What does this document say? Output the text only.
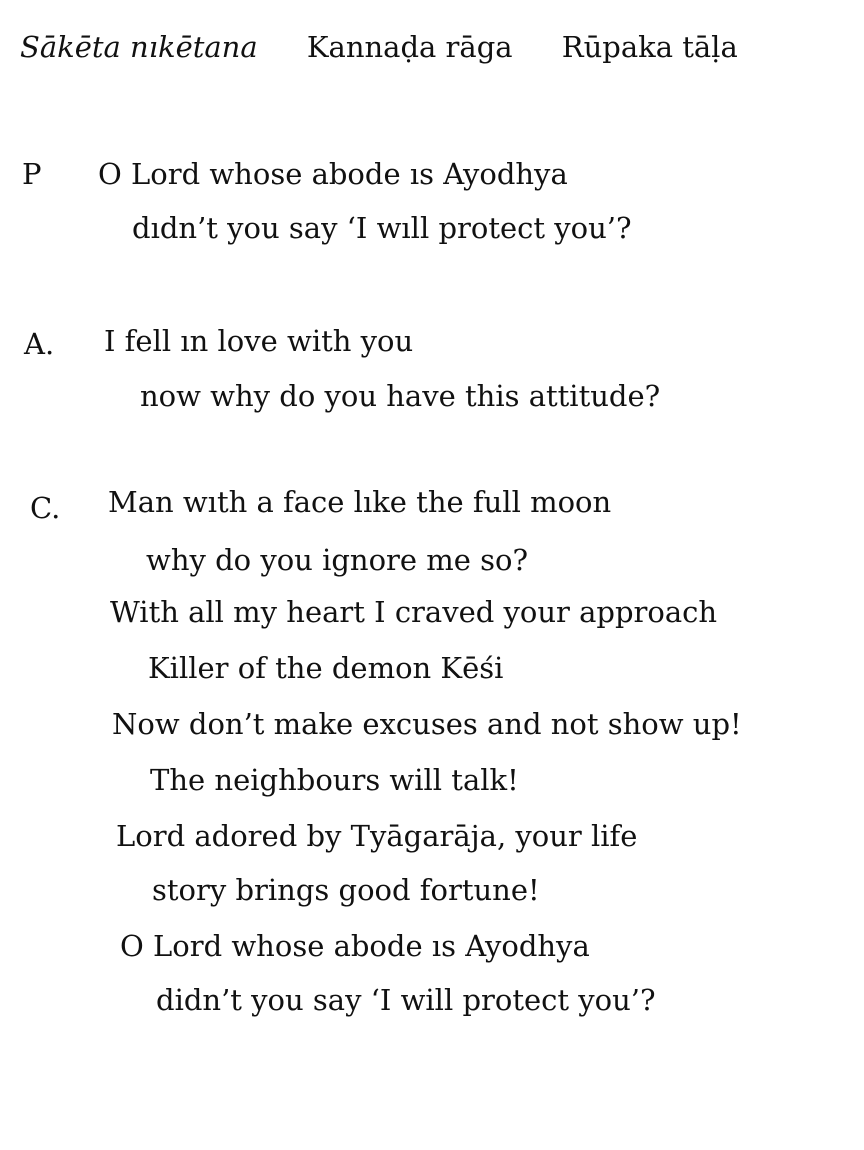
Sākēta nıkētana Kannaḍa rāga Rūpaka tāḷa
P O Lord whose abode ıs Ayodhya
dıdn’t you say ‘I wıll protect you’?
A. I fell ın love with you
now why do you have this attitude?
C. Man wıth a face lıke the full moon
why do you ignore me so?
With all my heart I craved your approach
Killer of the demon Kēśi
Now don’t make excuses and not show up!
The neighbours will talk!
Lord adored by Tyāgarāja, your life
story brings good fortune!
O Lord whose abode ıs Ayodhya
didn’t you say ‘I will protect you’?
